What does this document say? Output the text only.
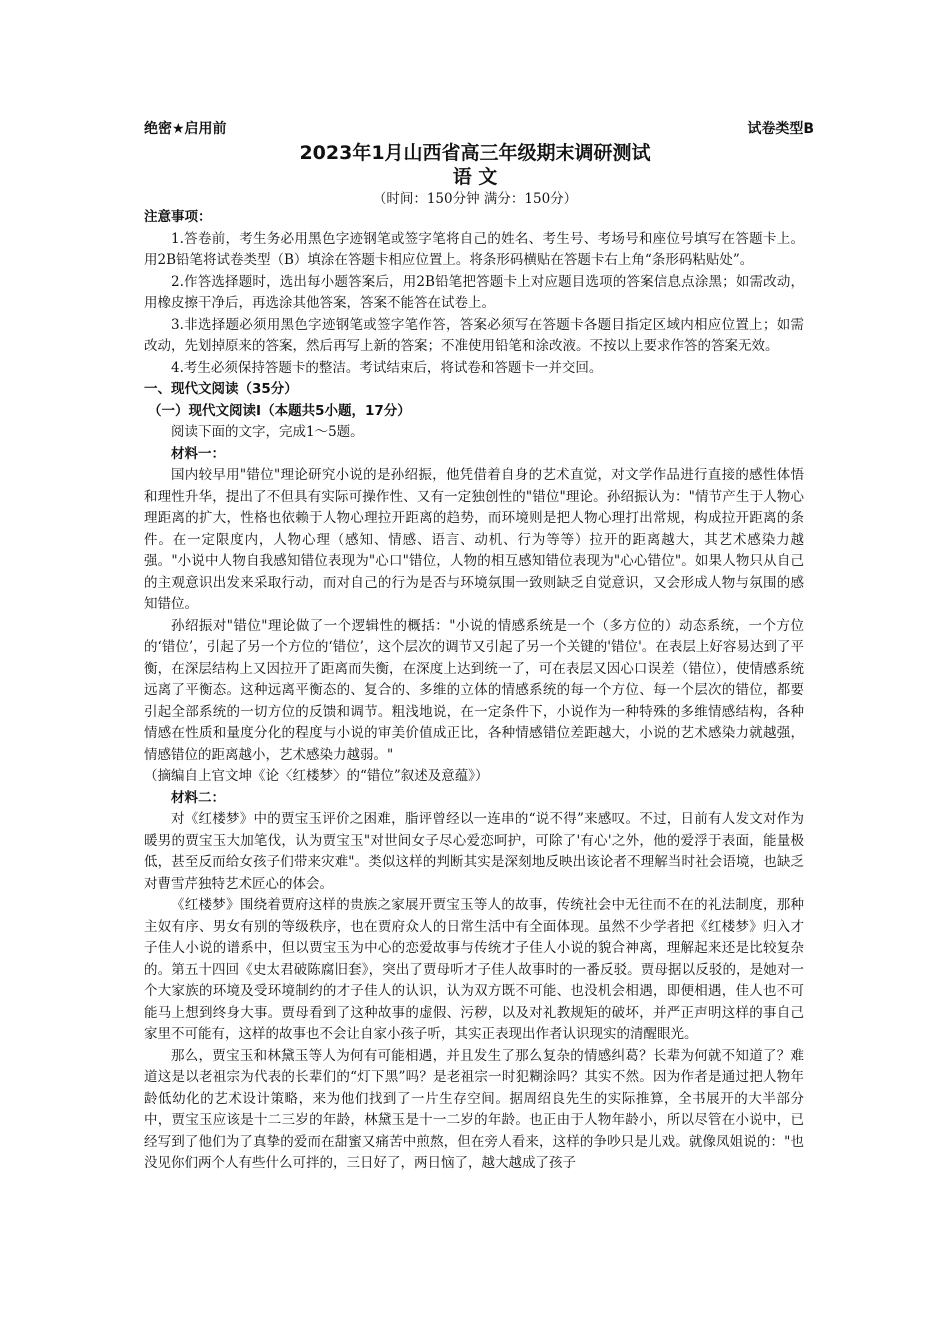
绝密★启用前	试卷类型B
2023年1月山西省高三年级期末调研测试
语 文
（时间：150分钟 满分：150分）

注意事项：

1.答卷前，考生务必用黑色字迹钢笔或签字笔将自己的姓名、考生号、考场号和座位号填写在答题卡上。用2B铅笔将试卷类型（B）填涂在答题卡相应位置上。将条形码横贴在答题卡右上角“条形码粘贴处”。

2.作答选择题时，选出每小题答案后，用2B铅笔把答题卡上对应题目选项的答案信息点涂黑；如需改动，用橡皮擦干净后，再选涂其他答案，答案不能答在试卷上。

3.非选择题必须用黑色字迹钢笔或签字笔作答，答案必须写在答题卡各题目指定区域内相应位置上；如需改动，先划掉原来的答案，然后再写上新的答案；不准使用铅笔和涂改液。不按以上要求作答的答案无效。

4.考生必须保持答题卡的整洁。考试结束后，将试卷和答题卡一并交回。

一、现代文阅读（35分）

（一）现代文阅读Ⅰ（本题共5小题，17分）

阅读下面的文字，完成1～5题。

材料一：

国内较早用"错位"理论研究小说的是孙绍振，他凭借着自身的艺术直觉，对文学作品进行直接的感性体悟和理性升华，提出了不但具有实际可操作性、又有一定独创性的"错位"理论。孙绍振认为："情节产生于人物心理距离的扩大，性格也依赖于人物心理拉开距离的趋势，而环境则是把人物心理打出常规，构成拉开距离的条件。在一定限度内，人物心理（感知、情感、语言、动机、行为等等）拉开的距离越大，其艺术感染力越强。"小说中人物自我感知错位表现为"心口"错位，人物的相互感知错位表现为"心心错位"。如果人物只从自己的主观意识出发来采取行动，而对自己的行为是否与环境氛围一致则缺乏自觉意识，又会形成人物与氛围的感知错位。

孙绍振对"错位"理论做了一个逻辑性的概括："小说的情感系统是一个（多方位的）动态系统，一个方位的‘错位’，引起了另一个方位的‘错位’，这个层次的调节又引起了另一个关键的'错位'。在表层上好容易达到了平衡，在深层结构上又因拉开了距离而失衡，在深度上达到统一了，可在表层又因心口误差（错位），使情感系统远离了平衡态。这种远离平衡态的、复合的、多维的立体的情感系统的每一个方位、每一个层次的错位，都要引起全部系统的一切方位的反馈和调节。粗浅地说，在一定条件下，小说作为一种特殊的多维情感结构，各种情感在性质和量度分化的程度与小说的审美价值成正比，各种情感错位差距越大，小说的艺术感染力就越强，情感错位的距离越小，艺术感染力越弱。"

（摘编自上官文坤《论〈红楼梦〉的“错位”叙述及意蕴》）

材料二：

对《红楼梦》中的贾宝玉评价之困难，脂评曾经以一连串的“说不得”来感叹。不过，日前有人发文对作为暖男的贾宝玉大加笔伐，认为贾宝玉"对世间女子尽心爱恋呵护，可除了'有心'之外，他的爱浮于表面，能量极低，甚至反而给女孩子们带来灾难"。类似这样的判断其实是深刻地反映出该论者不理解当时社会语境，也缺乏对曹雪芹独特艺术匠心的体会。

《红楼梦》围绕着贾府这样的贵族之家展开贾宝玉等人的故事，传统社会中无往而不在的礼法制度，那种主奴有序、男女有别的等级秩序，也在贾府众人的日常生活中有全面体现。虽然不少学者把《红楼梦》归入才子佳人小说的谱系中，但以贾宝玉为中心的恋爱故事与传统才子佳人小说的貌合神离，理解起来还是比较复杂的。第五十四回《史太君破陈腐旧套》，突出了贾母听才子佳人故事时的一番反驳。贾母据以反驳的，是她对一个大家族的环境及受环境制约的才子佳人的认识，认为双方既不可能、也没机会相遇，即便相遇，佳人也不可能马上想到终身大事。贾母看到了这种故事的虚假、污秽，以及对礼教规矩的破坏，并严正声明这样的事自己家里不可能有，这样的故事也不会让自家小孩子听，其实正表现出作者认识现实的清醒眼光。

那么，贾宝玉和林黛玉等人为何有可能相遇，并且发生了那么复杂的情感纠葛？长辈为何就不知道了？难道这是以老祖宗为代表的长辈们的“灯下黑”吗？是老祖宗一时犯糊涂吗？其实不然。因为作者是通过把人物年龄低幼化的艺术设计策略，来为他们找到了一片生存空间。据周绍良先生的实际推算，全书展开的大半部分中，贾宝玉应该是十二三岁的年龄，林黛玉是十一二岁的年龄。也正由于人物年龄小，所以尽管在小说中，已经写到了他们为了真挚的爱而在甜蜜又痛苦中煎熬，但在旁人看来，这样的争吵只是儿戏。就像凤姐说的："也没见你们两个人有些什么可拌的，三日好了，两日恼了，越大越成了孩子
